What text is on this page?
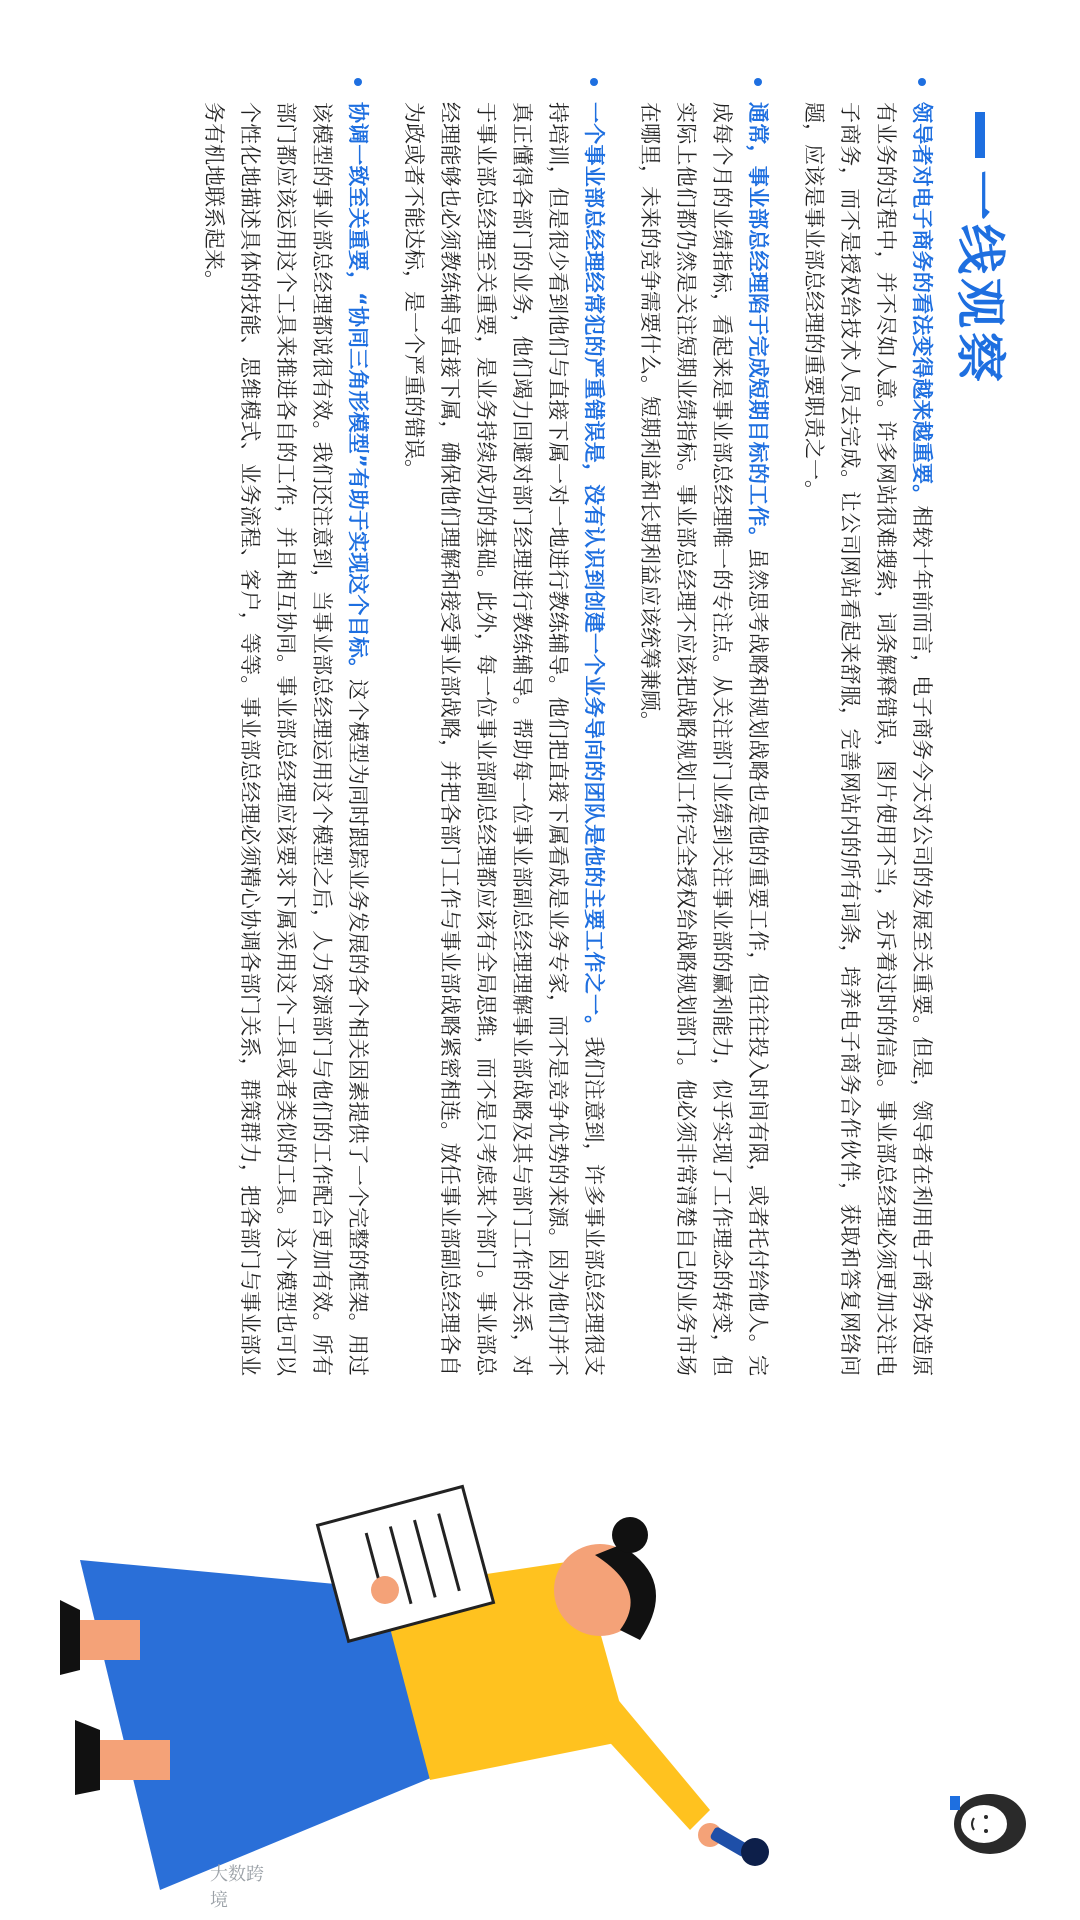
一线观察
领导者对电子商务的看法变得越来越重要。相较十年前而言，电子商务今天对公司的发展至关重要。但是，领导者在利用电子商务改造原有业务的过程中，并不尽如人意。许多网站很难搜索，词条解释错误，图片使用不当，充斥着过时的信息。事业部总经理必须更加关注电子商务，而不是授权给技术人员去完成。让公司网站看起来舒服，完善网站内的所有词条，培养电子商务合作伙伴，获取和答复网络问题，应该是事业部总经理的重要职责之一。
通常，事业部总经理陷于完成短期目标的工作。虽然思考战略和规划战略也是他的重要工作，但往往投入时间有限，或者托付给他人。完成每个月的业绩指标，看起来是事业部总经理唯一的专注点。从关注部门业绩到关注事业部的赢利能力，似乎实现了工作理念的转变，但实际上他们都仍然是关注短期业绩指标。事业部总经理不应该把战略规划工作完全授权给战略规划部门。他必须非常清楚自己的业务市场在哪里，未来的竞争需要什么。短期利益和长期利益应该统筹兼顾。
一个事业部总经理经常犯的严重错误是，没有认识到创建一个业务导向的团队是他的主要工作之一。我们注意到，许多事业部总经理很支持培训，但是很少看到他们与直接下属一对一地进行教练辅导。他们把直接下属看成是业务专家，而不是竞争优势的来源。因为他们并不真正懂得各部门的业务，他们竭力回避对部门经理进行教练辅导。帮助每一位事业部副总经理理解事业部战略及其与部门工作的关系，对于事业部总经理至关重要，是业务持续成功的基础。此外，每一位事业部副总经理都应该有全局思维，而不是只考虑某个部门。事业部总经理能够也必须教练辅导直接下属，确保他们理解和接受事业部战略，并把各部门工作与事业部战略紧密相连。放任事业部副总经理各自为政或者不能达标，是一个严重的错误。
协调一致至关重要，“协同三角形模型”有助于实现这个目标。这个模型为同时跟踪业务发展的各个相关因素提供了一个完整的框架。用过该模型的事业部总经理都说很有效。我们还注意到，当事业部总经理运用这个模型之后，人力资源部门与他们的工作配合更加有效。所有部门都应该运用这个工具来推进各自的工作，并且相互协同。事业部总经理应该要求下属采用这个工具或者类似的工具。这个模型也可以个性化地描述具体的技能、思维模式、业务流程、客户，等等。事业部总经理必须精心协调各部门关系，群策群力，把各部门与事业部业务有机地联系起来。
大数跨境
